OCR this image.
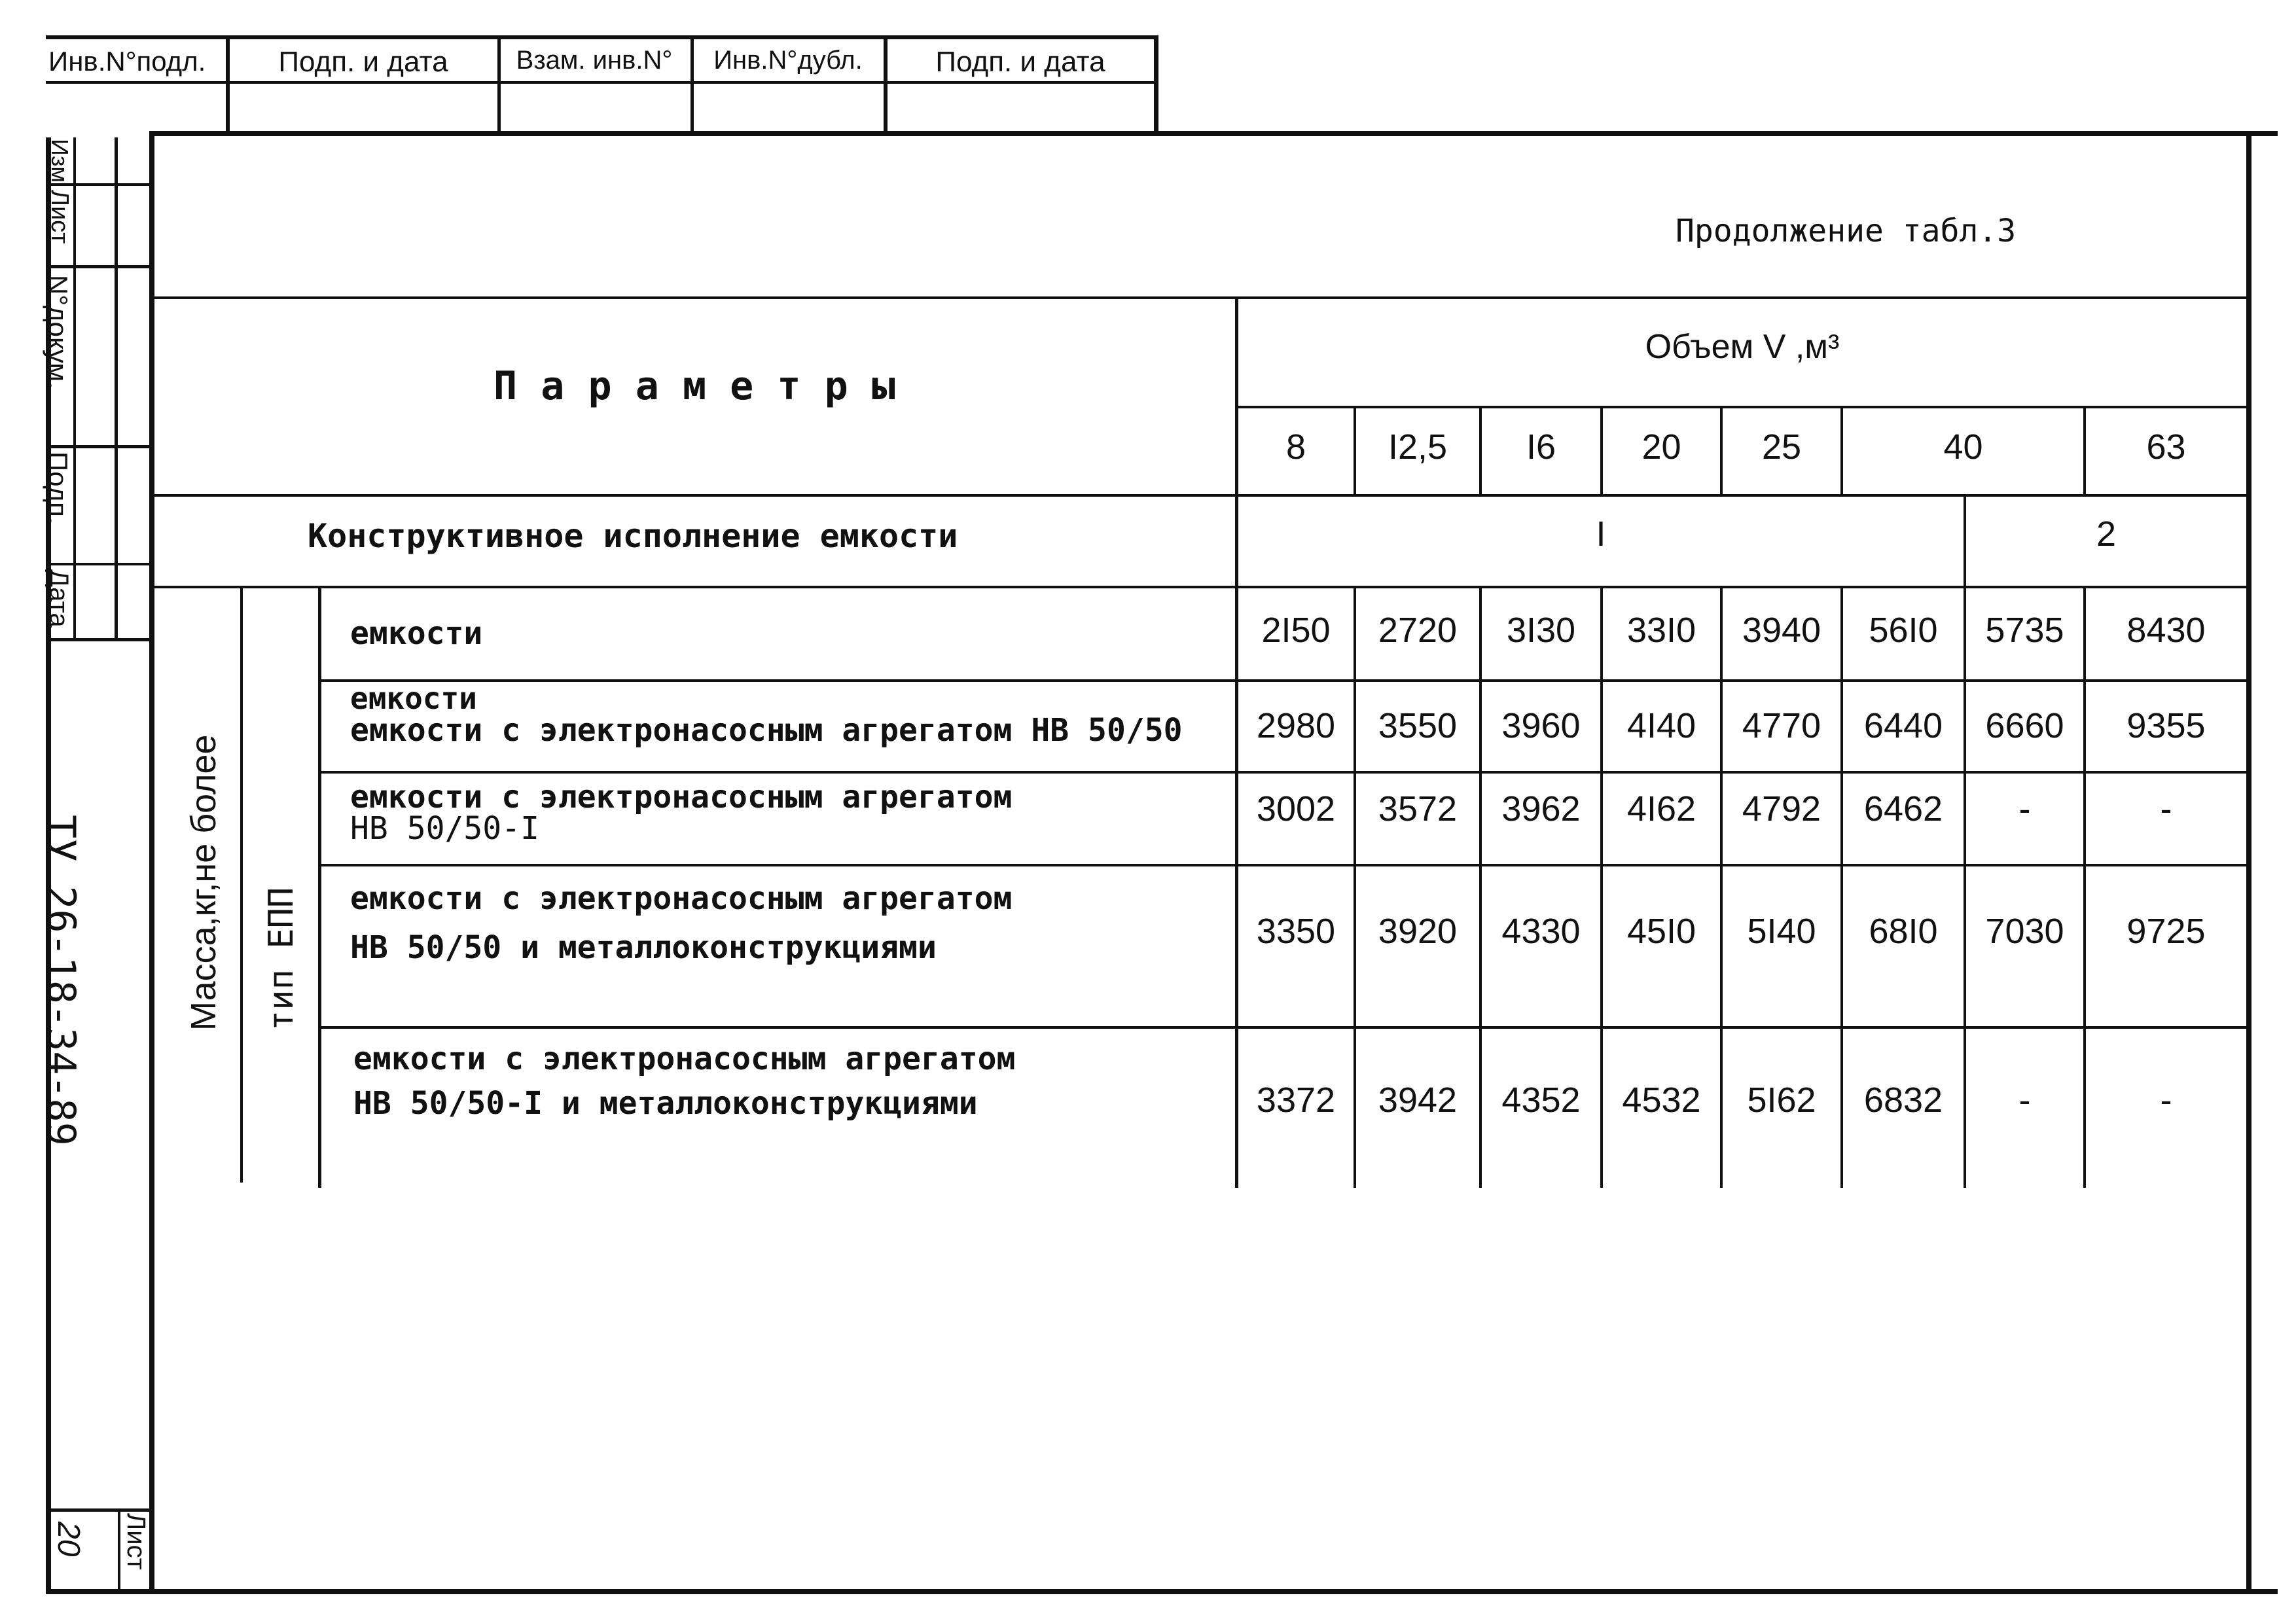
Инв.N°подл.	Подп. и дата	Взам. инв.N°	Инв.N°дубл.	Подп. и дата
Изм
Лист
N°докум.
Подп.
Дата
ТУ 26-18-34-89
Лист
20
Продолжение табл.3
П а р а м е т р ы
Объем V ,м³
8	I2,5	I6	20	25	40	63
Конструктивное исполнение емкости	I	2
Масса,кг,не более тип ЕПП
емкости	2I50	2720	3I30	33I0	3940	56I0	5735	8430
емкости
емкости с электронасосным агрегатом НВ 50/50	2980	3550	3960	4I40	4770	6440	6660	9355
емкости с электронасосным агрегатом
НВ 50/50-I	3002	3572	3962	4I62	4792	6462	-	-
емкости с электронасосным агрегатом
НВ 50/50 и металлоконструкциями	3350	3920	4330	45I0	5I40	68I0	7030	9725
емкости с электронасосным агрегатом
НВ 50/50-I и металлоконструкциями	3372	3942	4352	4532	5I62	6832	-	-
